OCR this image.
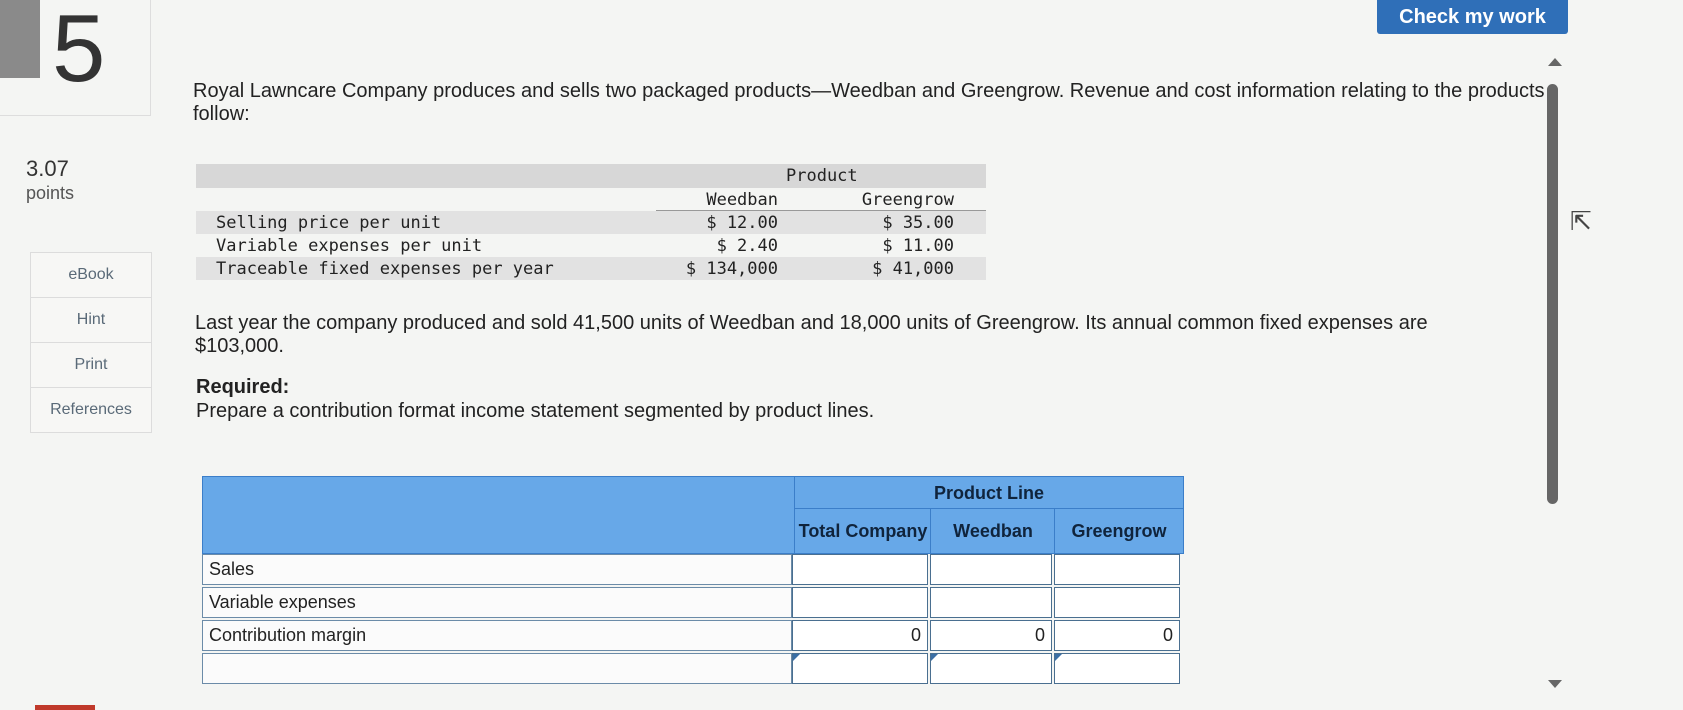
5
3.07
points
eBook
Hint
Print
References
Check my work
Royal Lawncare Company produces and sells two packaged products—Weedban and Greengrow. Revenue and cost information relating to the products follow:
Product
Weedban	Greengrow
Selling price per unit	$ 12.00	$ 35.00
Variable expenses per unit	$ 2.40	$ 11.00
Traceable fixed expenses per year	$ 134,000	$ 41,000
Last year the company produced and sold 41,500 units of Weedban and 18,000 units of Greengrow. Its annual common fixed expenses are $103,000.
Required:
Prepare a contribution format income statement segmented by product lines.
Product Line
Total Company	Weedban	Greengrow
Sales
Variable expenses
Contribution margin	0	0	0
⇱
